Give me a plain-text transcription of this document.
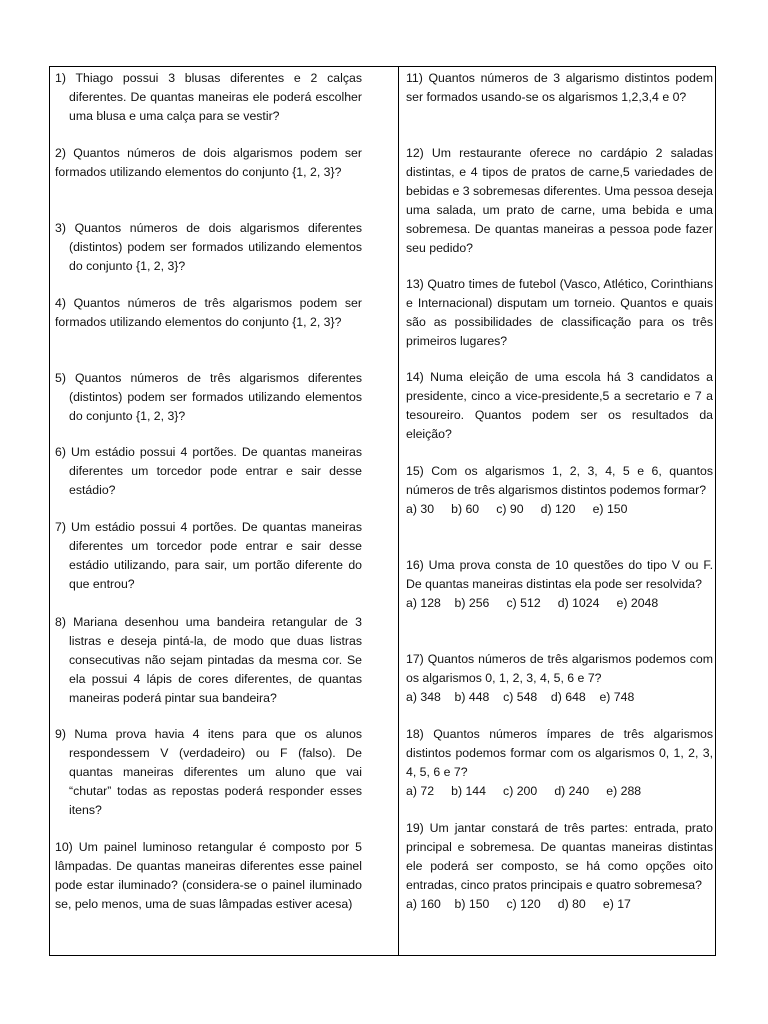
1) Thiago possui 3 blusas diferentes e 2 calças diferentes. De quantas maneiras ele poderá escolher uma blusa e uma calça para se vestir?

2) Quantos números de dois algarismos podem ser formados utilizando elementos do conjunto {1, 2, 3}?

3) Quantos números de dois algarismos diferentes (distintos) podem ser formados utilizando elementos do conjunto {1, 2, 3}?

4) Quantos números de três algarismos podem ser formados utilizando elementos do conjunto {1, 2, 3}?

5) Quantos números de três algarismos diferentes (distintos) podem ser formados utilizando elementos do conjunto {1, 2, 3}?

6) Um estádio possui 4 portões. De quantas maneiras diferentes um torcedor pode entrar e sair desse estádio?

7) Um estádio possui 4 portões. De quantas maneiras diferentes um torcedor pode entrar e sair desse estádio utilizando, para sair, um portão diferente do que entrou?

8) Mariana desenhou uma bandeira retangular de 3 listras e deseja pintá-la, de modo que duas listras consecutivas não sejam pintadas da mesma cor. Se ela possui 4 lápis de cores diferentes, de quantas maneiras poderá pintar sua bandeira?

9) Numa prova havia 4 itens para que os alunos respondessem V (verdadeiro) ou F (falso). De quantas maneiras diferentes um aluno que vai “chutar” todas as repostas poderá responder esses itens?

10) Um painel luminoso retangular é composto por 5 lâmpadas. De quantas maneiras diferentes esse painel pode estar iluminado? (considera-se o painel iluminado se, pelo menos, uma de suas lâmpadas estiver acesa)

11) Quantos números de 3 algarismo distintos podem ser formados usando-se os algarismos 1,2,3,4 e 0?

12) Um restaurante oferece no cardápio 2 saladas distintas, e 4 tipos de pratos de carne,5 variedades de bebidas e 3 sobremesas diferentes. Uma pessoa deseja uma salada, um prato de carne, uma bebida e uma sobremesa. De quantas maneiras a pessoa pode fazer seu pedido?

13) Quatro times de futebol (Vasco, Atlético, Corinthians e Internacional) disputam um torneio. Quantos e quais são as possibilidades de classificação para os três primeiros lugares?

14) Numa eleição de uma escola há 3 candidatos a presidente, cinco a vice-presidente,5 a secretario e 7 a tesoureiro. Quantos podem ser os resultados da eleição?

15) Com os algarismos 1, 2, 3, 4, 5 e 6, quantos números de três algarismos distintos podemos formar?

a) 30     b) 60     c) 90     d) 120     e) 150

16) Uma prova consta de 10 questões do tipo V ou F. De quantas maneiras distintas ela pode ser resolvida?

a) 128    b) 256     c) 512     d) 1024     e) 2048

17) Quantos números de três algarismos podemos com os algarismos 0, 1, 2, 3, 4, 5, 6 e 7?

a) 348    b) 448    c) 548    d) 648    e) 748

18) Quantos números ímpares de três algarismos distintos podemos formar com os algarismos 0, 1, 2, 3, 4, 5, 6 e 7?

a) 72     b) 144     c) 200     d) 240     e) 288

19) Um jantar constará de três partes: entrada, prato principal e sobremesa. De quantas maneiras distintas ele poderá ser composto, se há como opções oito entradas, cinco pratos principais e quatro sobremesa?

a) 160    b) 150     c) 120     d) 80     e) 17
